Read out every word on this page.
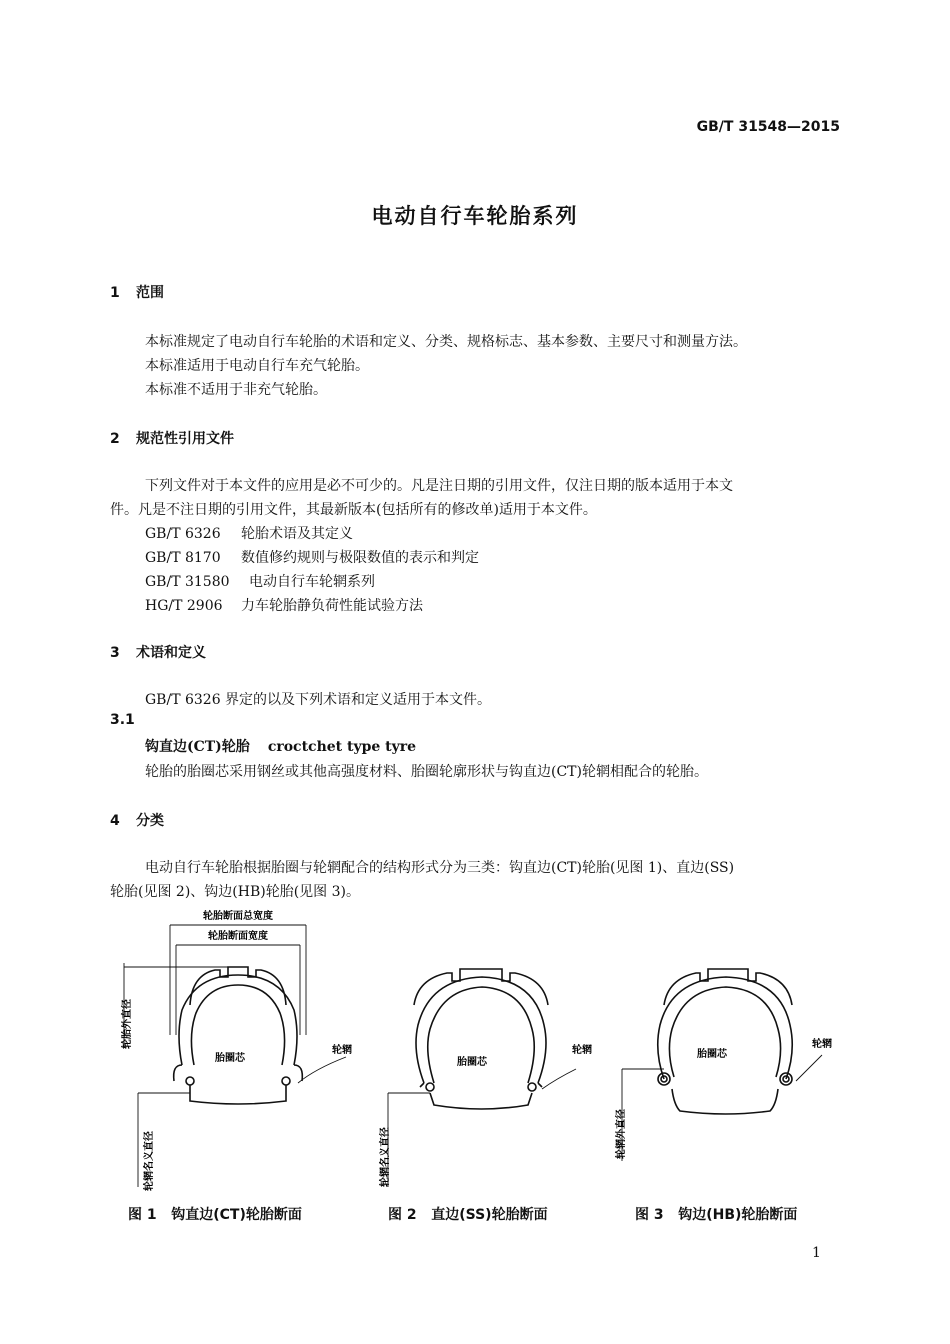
GB/T 31548—2015
电动自行车轮胎系列
1 范围
本标准规定了电动自行车轮胎的术语和定义、分类、规格标志、基本参数、主要尺寸和测量方法。
本标准适用于电动自行车充气轮胎。
本标准不适用于非充气轮胎。
2 规范性引用文件
下列文件对于本文件的应用是必不可少的。凡是注日期的引用文件，仅注日期的版本适用于本文
件。凡是不注日期的引用文件，其最新版本(包括所有的修改单)适用于本文件。
GB/T 6326 轮胎术语及其定义
GB/T 8170 数值修约规则与极限数值的表示和判定
GB/T 31580 电动自行车轮辋系列
HG/T 2906 力车轮胎静负荷性能试验方法
3 术语和定义
GB/T 6326 界定的以及下列术语和定义适用于本文件。
3.1
钩直边(CT)轮胎 croctchet type tyre
轮胎的胎圈芯采用钢丝或其他高强度材料、胎圈轮廓形状与钩直边(CT)轮辋相配合的轮胎。
4 分类
电动自行车轮胎根据胎圈与轮辋配合的结构形式分为三类：钩直边(CT)轮胎(见图 1)、直边(SS)
轮胎(见图 2)、钩边(HB)轮胎(见图 3)。
轮胎断面总宽度
轮胎断面宽度
轮胎外直径
胎圈芯
轮辋
轮辋名义直径
胎圈芯
轮辋
轮辋名义直径
胎圈芯
轮辋
轮辋外直径
图 1 钩直边(CT)轮胎断面	图 2 直边(SS)轮胎断面	图 3 钩边(HB)轮胎断面
1
